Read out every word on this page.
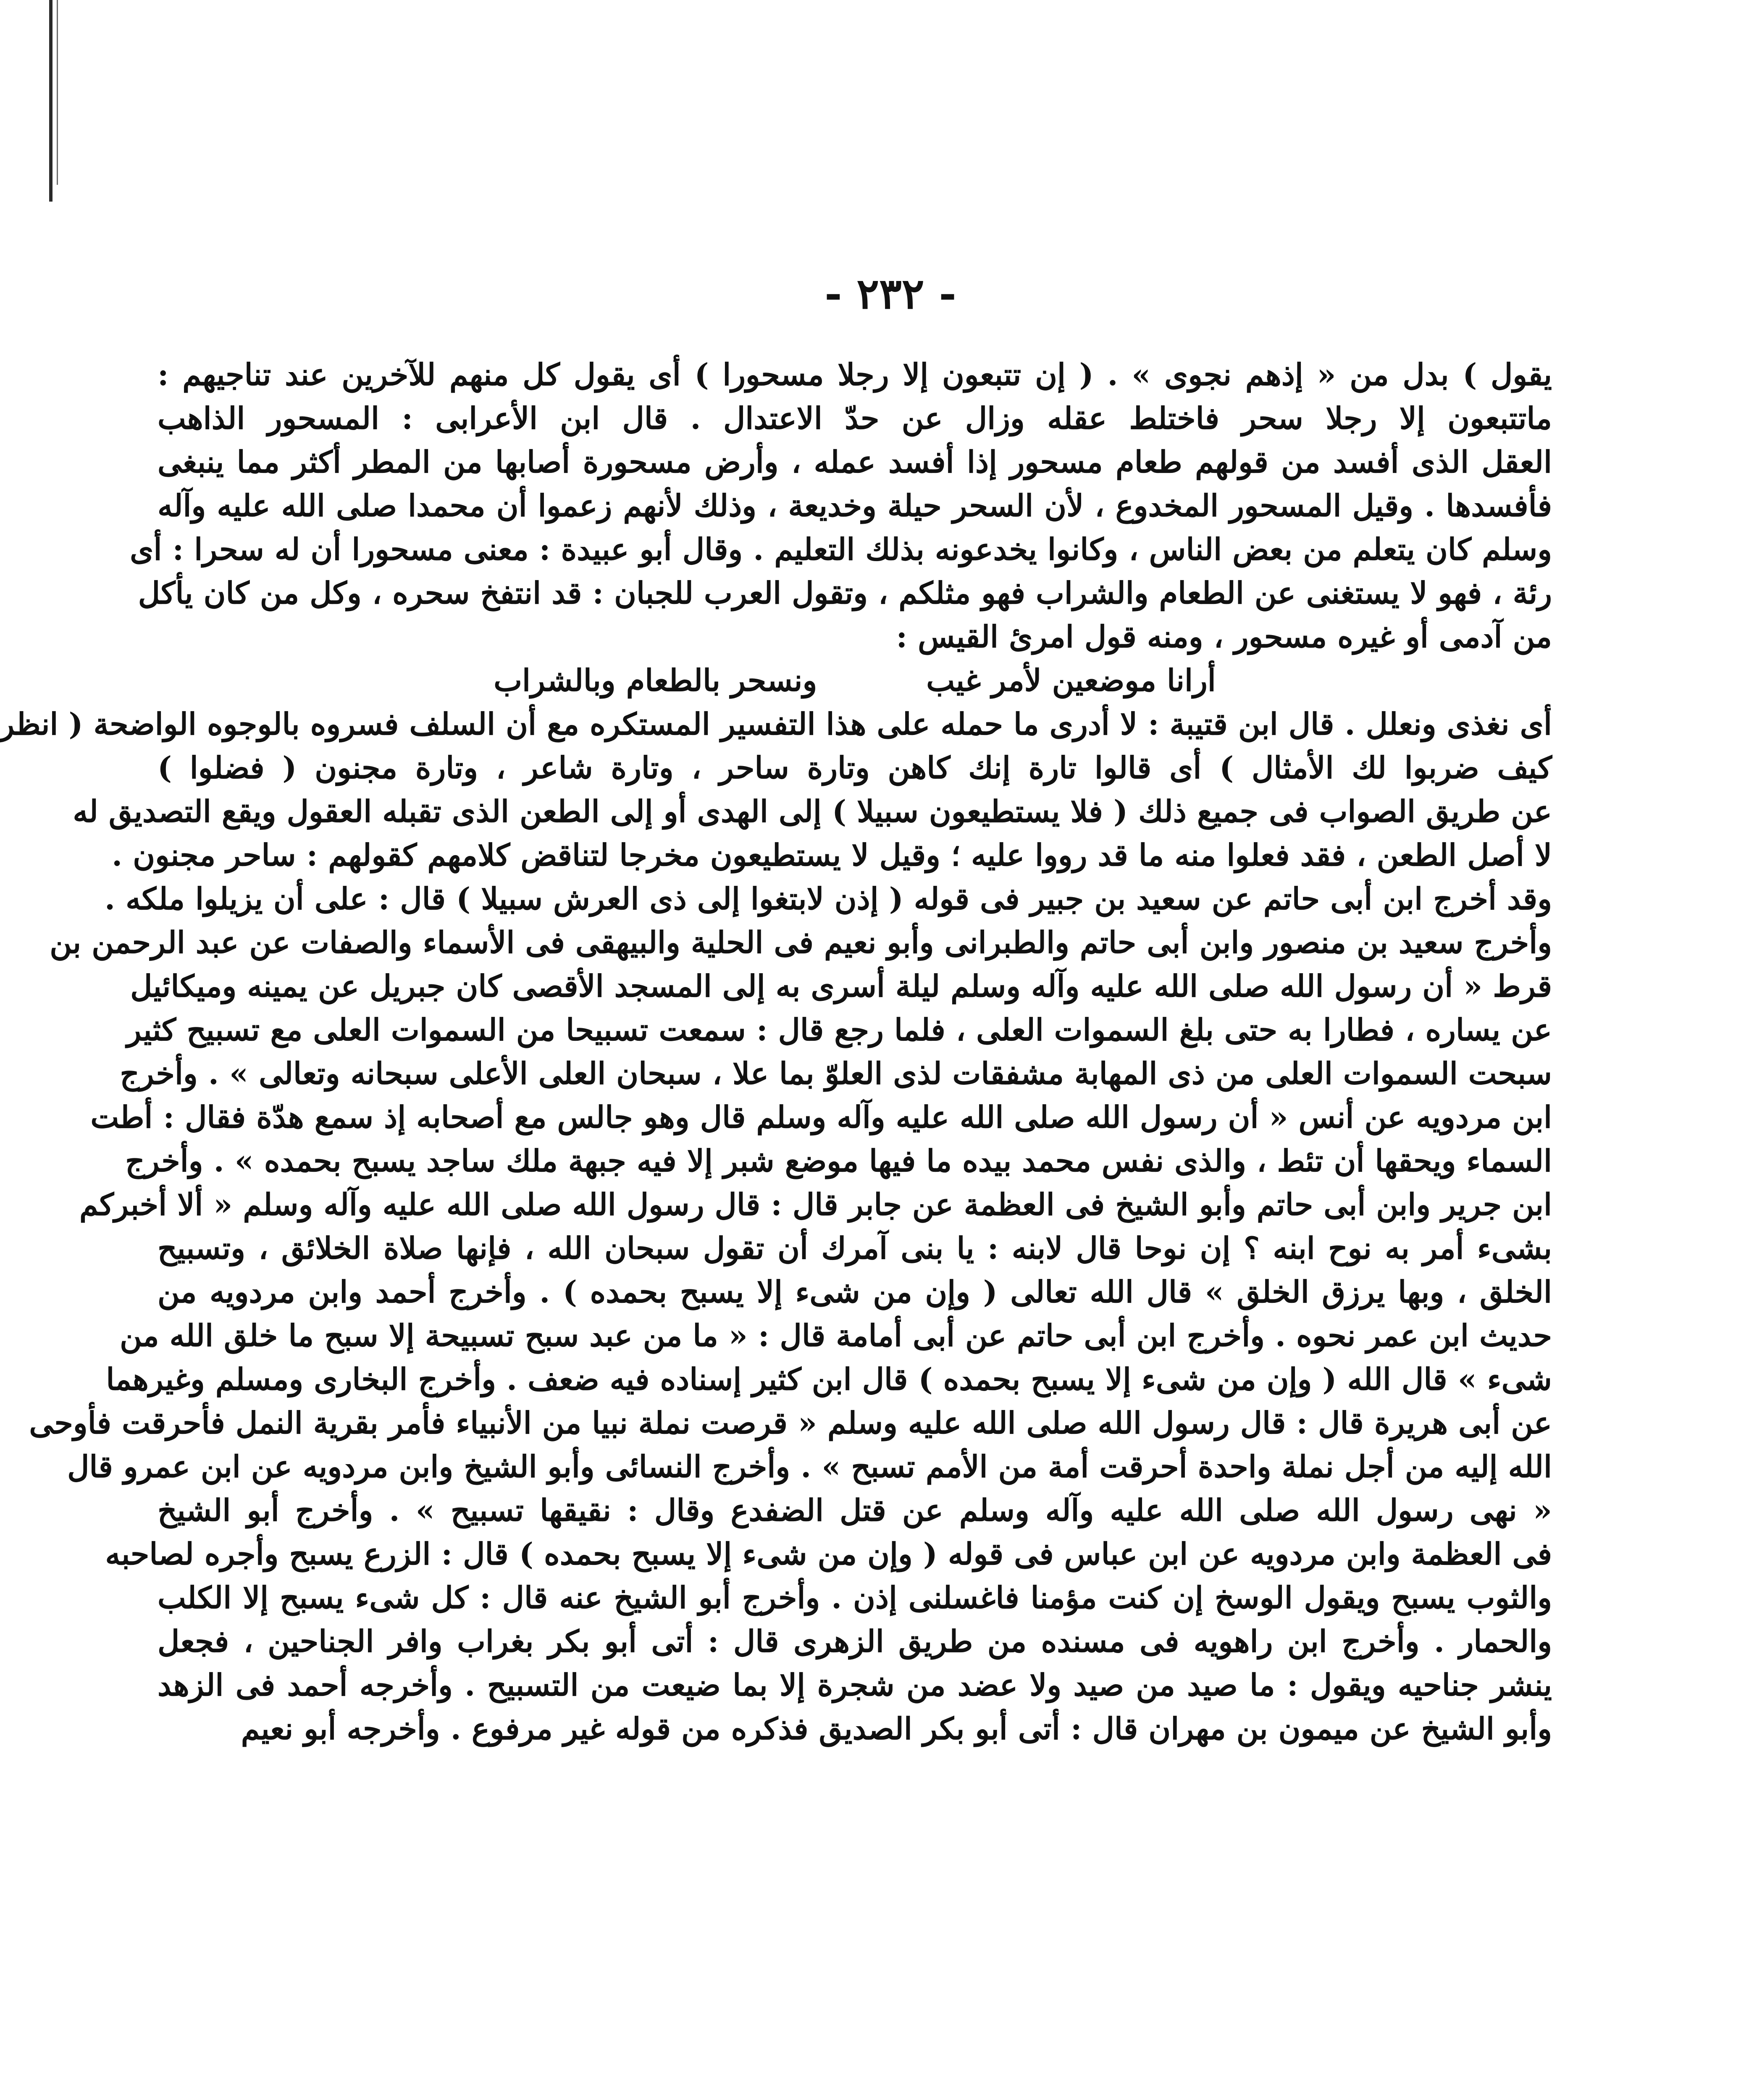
- ٢٣٢ -
يقول ) بدل من « إذهم نجوى » . ( إن تتبعون إلا رجلا مسحورا ) أى يقول كل منهم للآخرين عند تناجيهم :
ماتتبعون إلا رجلا سحر فاختلط عقله وزال عن حدّ الاعتدال . قال ابن الأعرابى : المسحور الذاهب
العقل الذى أفسد من قولهم طعام مسحور إذا أفسد عمله ، وأرض مسحورة أصابها من المطر أكثر مما ينبغى
فأفسدها . وقيل المسحور المخدوع ، لأن السحر حيلة وخديعة ، وذلك لأنهم زعموا أن محمدا صلى الله عليه وآله
وسلم كان يتعلم من بعض الناس ، وكانوا يخدعونه بذلك التعليم . وقال أبو عبيدة : معنى مسحورا أن له سحرا : أى
رئة ، فهو لا يستغنى عن الطعام والشراب فهو مثلكم ، وتقول العرب للجبان : قد انتفخ سحره ، وكل من كان يأكل
من آدمى أو غيره مسحور ، ومنه قول امرئ القيس :
أرانا موضعين لأمر غيب
ونسحر بالطعام وبالشراب
أى نغذى ونعلل . قال ابن قتيبة : لا أدرى ما حمله على هذا التفسير المستكره مع أن السلف فسروه بالوجوه الواضحة ( انظر
كيف ضربوا لك الأمثال ) أى قالوا تارة إنك كاهن وتارة ساحر ، وتارة شاعر ، وتارة مجنون ( فضلوا )
عن طريق الصواب فى جميع ذلك ( فلا يستطيعون سبيلا ) إلى الهدى أو إلى الطعن الذى تقبله العقول ويقع التصديق له
لا أصل الطعن ، فقد فعلوا منه ما قد رووا عليه ؛ وقيل لا يستطيعون مخرجا لتناقض كلامهم كقولهم : ساحر مجنون .
وقد أخرج ابن أبى حاتم عن سعيد بن جبير فى قوله ( إذن لابتغوا إلى ذى العرش سبيلا ) قال : على أن يزيلوا ملكه .
وأخرج سعيد بن منصور وابن أبى حاتم والطبرانى وأبو نعيم فى الحلية والبيهقى فى الأسماء والصفات عن عبد الرحمن بن
قرط « أن رسول الله صلى الله عليه وآله وسلم ليلة أسرى به إلى المسجد الأقصى كان جبريل عن يمينه وميكائيل
عن يساره ، فطارا به حتى بلغ السموات العلى ، فلما رجع قال : سمعت تسبيحا من السموات العلى مع تسبيح كثير
سبحت السموات العلى من ذى المهابة مشفقات لذى العلوّ بما علا ، سبحان العلى الأعلى سبحانه وتعالى » . وأخرج
ابن مردويه عن أنس « أن رسول الله صلى الله عليه وآله وسلم قال وهو جالس مع أصحابه إذ سمع هدّة فقال : أطت
السماء ويحقها أن تئط ، والذى نفس محمد بيده ما فيها موضع شبر إلا فيه جبهة ملك ساجد يسبح بحمده » . وأخرج
ابن جرير وابن أبى حاتم وأبو الشيخ فى العظمة عن جابر قال : قال رسول الله صلى الله عليه وآله وسلم « ألا أخبركم
بشىء أمر به نوح ابنه ؟ إن نوحا قال لابنه : يا بنى آمرك أن تقول سبحان الله ، فإنها صلاة الخلائق ، وتسبيح
الخلق ، وبها يرزق الخلق » قال الله تعالى ( وإن من شىء إلا يسبح بحمده ) . وأخرج أحمد وابن مردويه من
حديث ابن عمر نحوه . وأخرج ابن أبى حاتم عن أبى أمامة قال : « ما من عبد سبح تسبيحة إلا سبح ما خلق الله من
شىء » قال الله ( وإن من شىء إلا يسبح بحمده ) قال ابن كثير إسناده فيه ضعف . وأخرج البخارى ومسلم وغيرهما
عن أبى هريرة قال : قال رسول الله صلى الله عليه وسلم « قرصت نملة نبيا من الأنبياء فأمر بقرية النمل فأحرقت فأوحى
الله إليه من أجل نملة واحدة أحرقت أمة من الأمم تسبح » . وأخرج النسائى وأبو الشيخ وابن مردويه عن ابن عمرو قال
« نهى رسول الله صلى الله عليه وآله وسلم عن قتل الضفدع وقال : نقيقها تسبيح » . وأخرج أبو الشيخ
فى العظمة وابن مردويه عن ابن عباس فى قوله ( وإن من شىء إلا يسبح بحمده ) قال : الزرع يسبح وأجره لصاحبه
والثوب يسبح ويقول الوسخ إن كنت مؤمنا فاغسلنى إذن . وأخرج أبو الشيخ عنه قال : كل شىء يسبح إلا الكلب
والحمار . وأخرج ابن راهويه فى مسنده من طريق الزهرى قال : أتى أبو بكر بغراب وافر الجناحين ، فجعل
ينشر جناحيه ويقول : ما صيد من صيد ولا عضد من شجرة إلا بما ضيعت من التسبيح . وأخرجه أحمد فى الزهد
وأبو الشيخ عن ميمون بن مهران قال : أتى أبو بكر الصديق فذكره من قوله غير مرفوع . وأخرجه أبو نعيم
